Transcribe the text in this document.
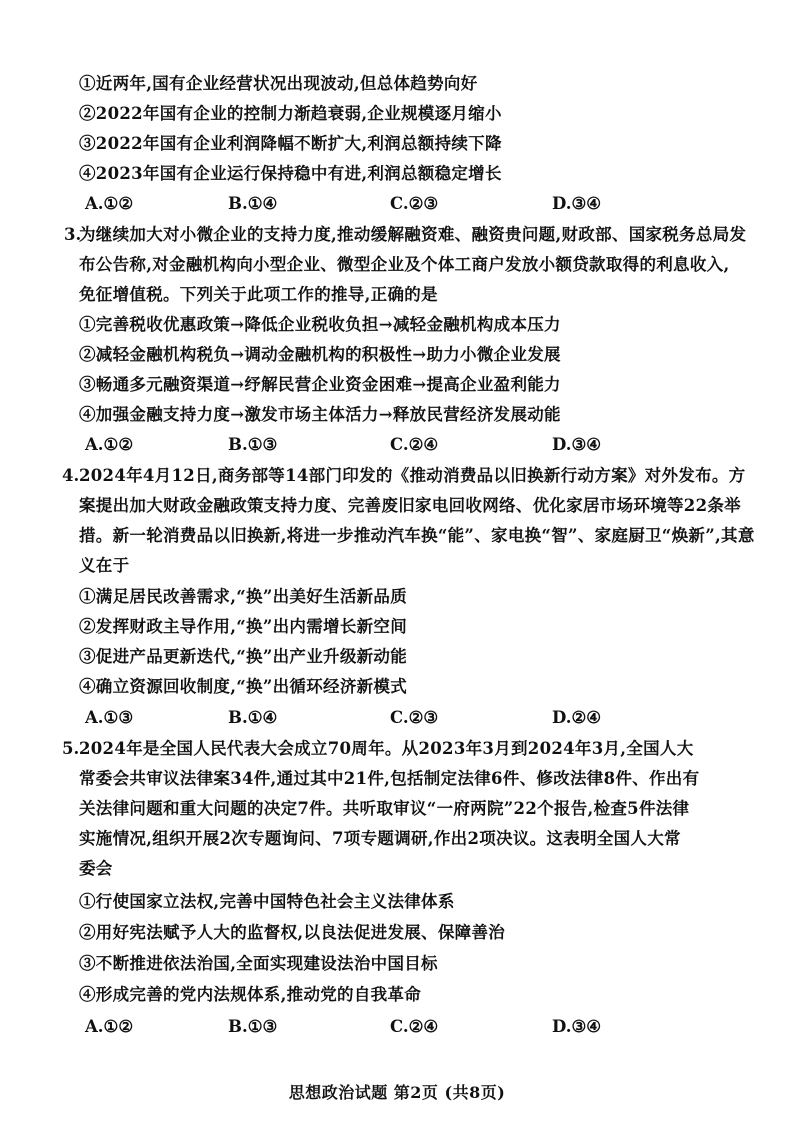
①近两年,国有企业经营状况出现波动,但总体趋势向好
②2022年国有企业的控制力渐趋衰弱,企业规模逐月缩小
③2022年国有企业利润降幅不断扩大,利润总额持续下降
④2023年国有企业运行保持稳中有进,利润总额稳定增长
A.①②	B.①④	C.②③	D.③④
3.
为继续加大对小微企业的支持力度,推动缓解融资难、融资贵问题,财政部、国家税务总局发
布公告称,对金融机构向小型企业、微型企业及个体工商户发放小额贷款取得的利息收入,
免征增值税。下列关于此项工作的推导,正确的是
①完善税收优惠政策→降低企业税收负担→减轻金融机构成本压力
②减轻金融机构税负→调动金融机构的积极性→助力小微企业发展
③畅通多元融资渠道→纾解民营企业资金困难→提高企业盈利能力
④加强金融支持力度→激发市场主体活力→释放民营经济发展动能
A.①②	B.①③	C.②④	D.③④
4. 2024年4月12日,商务部等14部门印发的《推动消费品以旧换新行动方案》对外发布。方
案提出加大财政金融政策支持力度、完善废旧家电回收网络、优化家居市场环境等22条举
措。新一轮消费品以旧换新,将进一步推动汽车换“能”、家电换“智”、家庭厨卫“焕新”,其意
义在于
①满足居民改善需求,“换”出美好生活新品质
②发挥财政主导作用,“换”出内需增长新空间
③促进产品更新迭代,“换”出产业升级新动能
④确立资源回收制度,“换”出循环经济新模式
A.①③	B.①④	C.②③	D.②④
5. 2024年是全国人民代表大会成立70周年。从2023年3月到2024年3月,全国人大
常委会共审议法律案34件,通过其中21件,包括制定法律6件、修改法律8件、作出有
关法律问题和重大问题的决定7件。共听取审议“一府两院”22个报告,检查5件法律
实施情况,组织开展2次专题询问、7项专题调研,作出2项决议。这表明全国人大常
委会
①行使国家立法权,完善中国特色社会主义法律体系
②用好宪法赋予人大的监督权,以良法促进发展、保障善治
③不断推进依法治国,全面实现建设法治中国目标
④形成完善的党内法规体系,推动党的自我革命
A.①②	B.①③	C.②④	D.③④
思想政治试题 第2页 (共8页)
